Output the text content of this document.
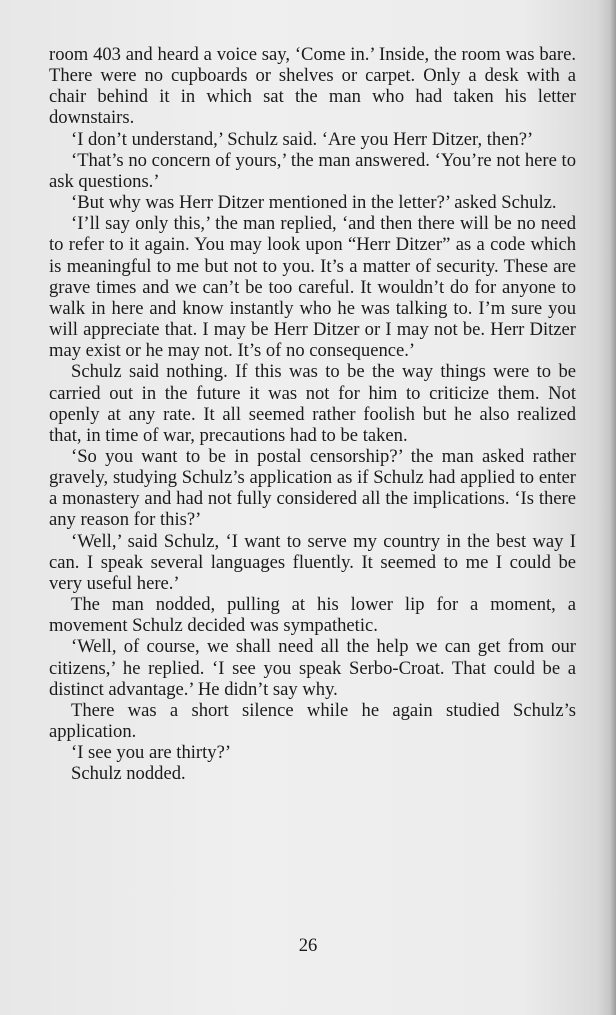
room 403 and heard a voice say, ‘Come in.’ Inside, the room was bare. There were no cupboards or shelves or carpet. Only a desk with a chair behind it in which sat the man who had taken his letter downstairs.

‘I don’t understand,’ Schulz said. ‘Are you Herr Ditzer, then?’

‘That’s no concern of yours,’ the man answered. ‘You’re not here to ask questions.’

‘But why was Herr Ditzer mentioned in the letter?’ asked Schulz.

‘I’ll say only this,’ the man replied, ‘and then there will be no need to refer to it again. You may look upon “Herr Ditzer” as a code which is meaningful to me but not to you. It’s a matter of security. These are grave times and we can’t be too careful. It wouldn’t do for anyone to walk in here and know instantly who he was talking to. I’m sure you will appreciate that. I may be Herr Ditzer or I may not be. Herr Ditzer may exist or he may not. It’s of no consequence.’

Schulz said nothing. If this was to be the way things were to be carried out in the future it was not for him to criticize them. Not openly at any rate. It all seemed rather foolish but he also realized that, in time of war, precautions had to be taken.

‘So you want to be in postal censorship?’ the man asked rather gravely, studying Schulz’s application as if Schulz had applied to enter a monastery and had not fully considered all the implications. ‘Is there any reason for this?’

‘Well,’ said Schulz, ‘I want to serve my country in the best way I can. I speak several languages fluently. It seemed to me I could be very useful here.’

The man nodded, pulling at his lower lip for a moment, a movement Schulz decided was sympathetic.

‘Well, of course, we shall need all the help we can get from our citizens,’ he replied. ‘I see you speak Serbo-Croat. That could be a distinct advantage.’ He didn’t say why.

There was a short silence while he again studied Schulz’s application.

‘I see you are thirty?’

Schulz nodded.

26
